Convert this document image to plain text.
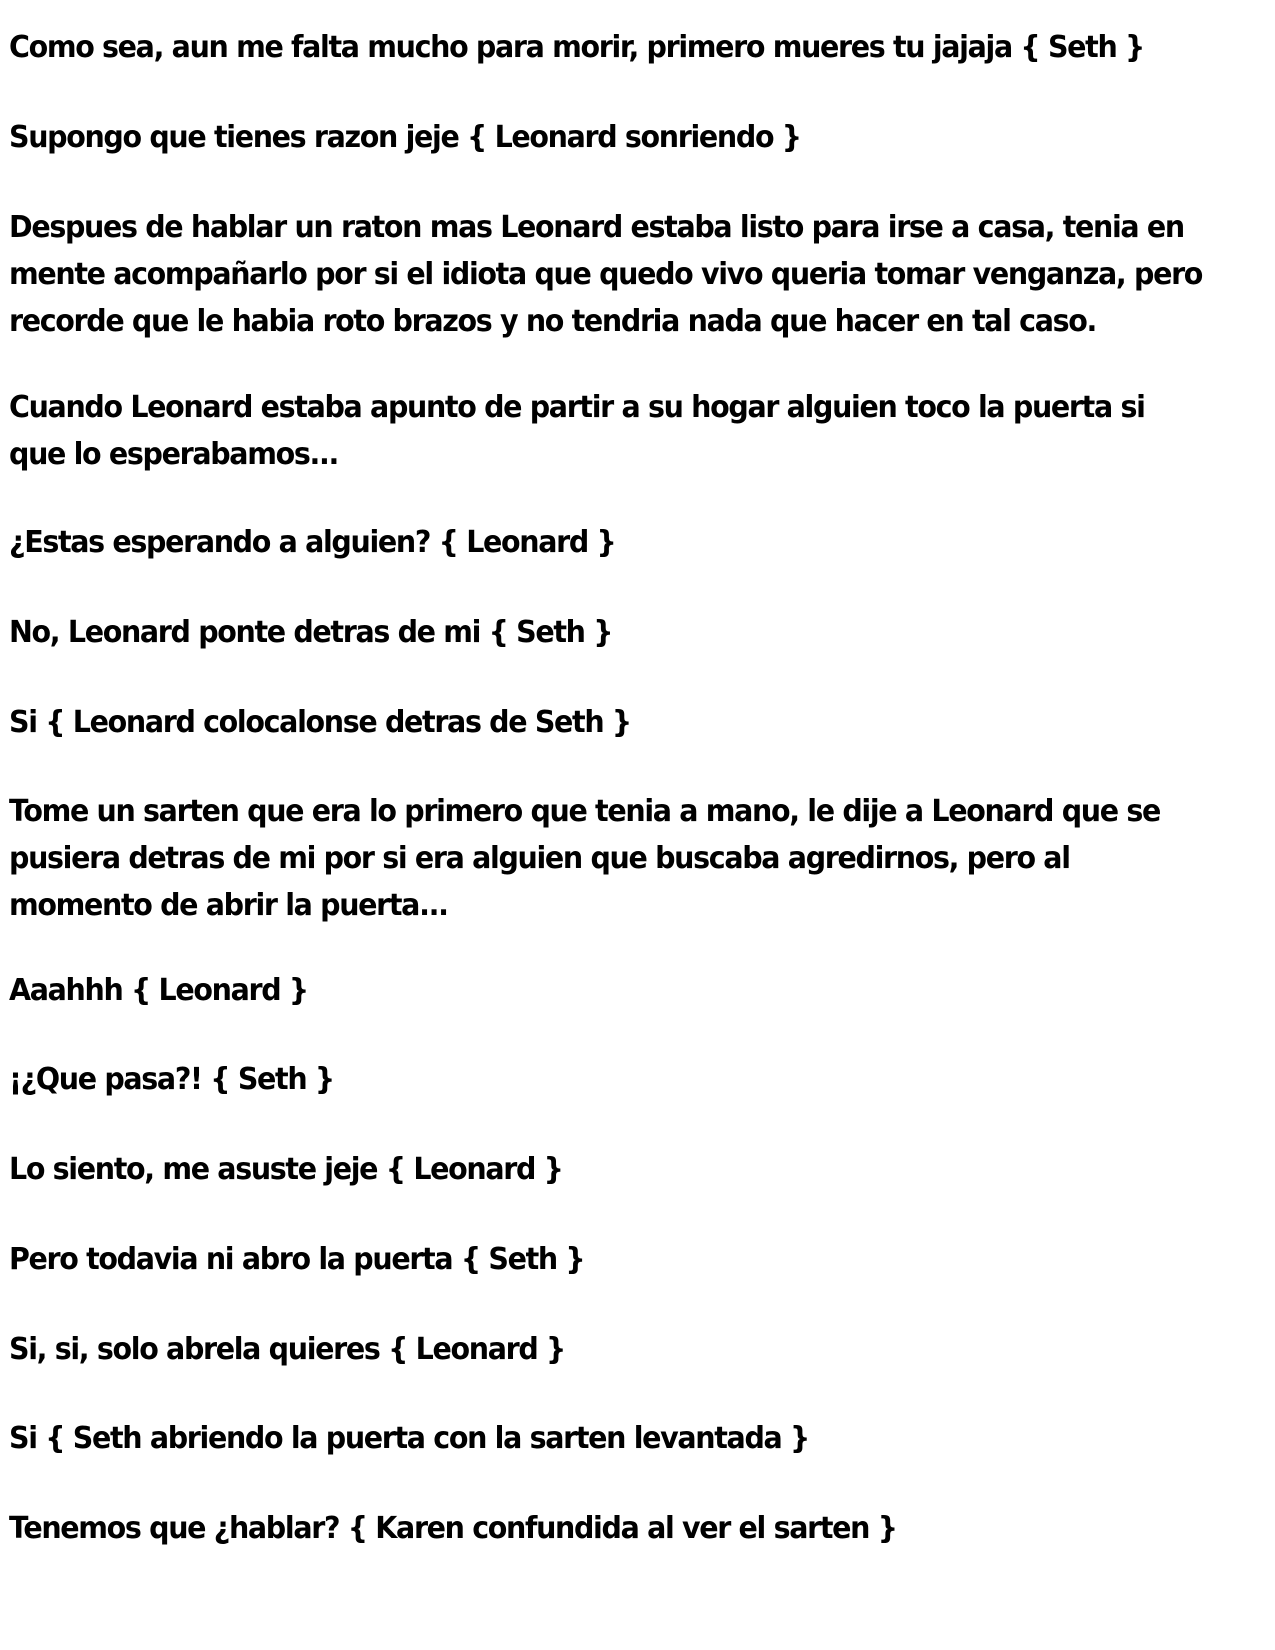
Como sea, aun me falta mucho para morir, primero mueres tu jajaja { Seth }

Supongo que tienes razon jeje { Leonard sonriendo }

Despues de hablar un raton mas Leonard estaba listo para irse a casa, tenia en mente acompañarlo por si el idiota que quedo vivo queria tomar venganza, pero recorde que le habia roto brazos y no tendria nada que hacer en tal caso.

Cuando Leonard estaba apunto de partir a su hogar alguien toco la puerta si que lo esperabamos...

¿Estas esperando a alguien? { Leonard }

No, Leonard ponte detras de mi { Seth }

Si { Leonard colocalonse detras de Seth }

Tome un sarten que era lo primero que tenia a mano, le dije a Leonard que se pusiera detras de mi por si era alguien que buscaba agredirnos, pero al momento de abrir la puerta...

Aaahhh { Leonard }

¡¿Que pasa?! { Seth }

Lo siento, me asuste jeje { Leonard }

Pero todavia ni abro la puerta { Seth }

Si, si, solo abrela quieres { Leonard }

Si { Seth abriendo la puerta con la sarten levantada }

Tenemos que ¿hablar? { Karen confundida al ver el sarten }
